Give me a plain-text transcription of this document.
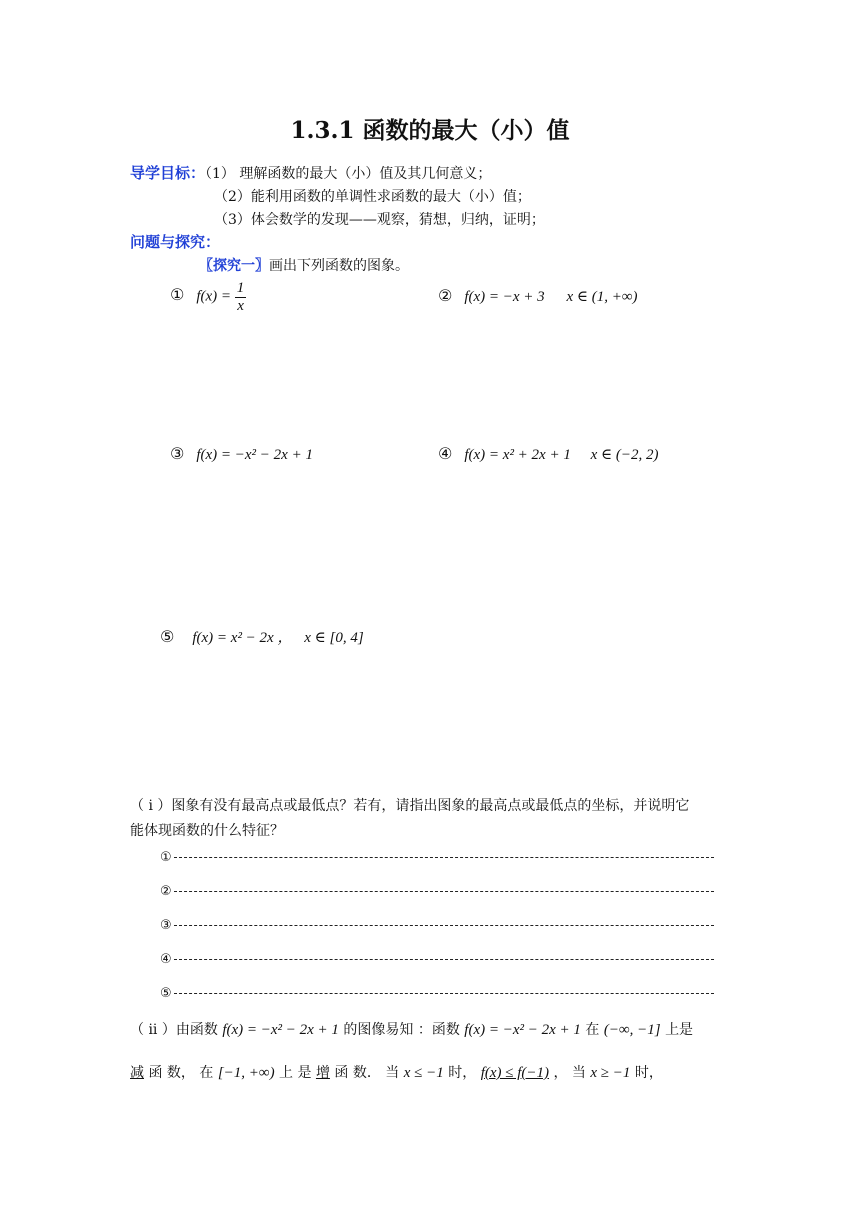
1.3.1 函数的最大（小）值
导学目标：（1） 理解函数的最大（小）值及其几何意义；
（2）能利用函数的单调性求函数的最大（小）值；
（3）体会数学的发现——观察，猜想，归纳，证明；
问题与探究：
〖探究一〗画出下列函数的图象。
① $f(x) = \frac{1}{x}$	② f(x) = −x + 3 x ∈ (1, +∞)
③ f(x) = −x² − 2x + 1	④ f(x) = x² + 2x + 1 x ∈ (−2, 2)
⑤ f(x) = x² − 2x ， x ∈ [0, 4]
（ i ）图象有没有最高点或最低点？若有，请指出图象的最高点或最低点的坐标，并说明它
能体现函数的什么特征？
①
②
③
④
⑤
（ ii ）由函数 f(x) = −x² − 2x + 1 的图像易知 ：函数 f(x) = −x² − 2x + 1 在 (−∞, −1] 上是
减 函 数， 在 [−1, +∞) 上 是 增 函 数． 当 x ≤ −1 时， f(x) ≤ f(−1) ， 当 x ≥ −1 时，
